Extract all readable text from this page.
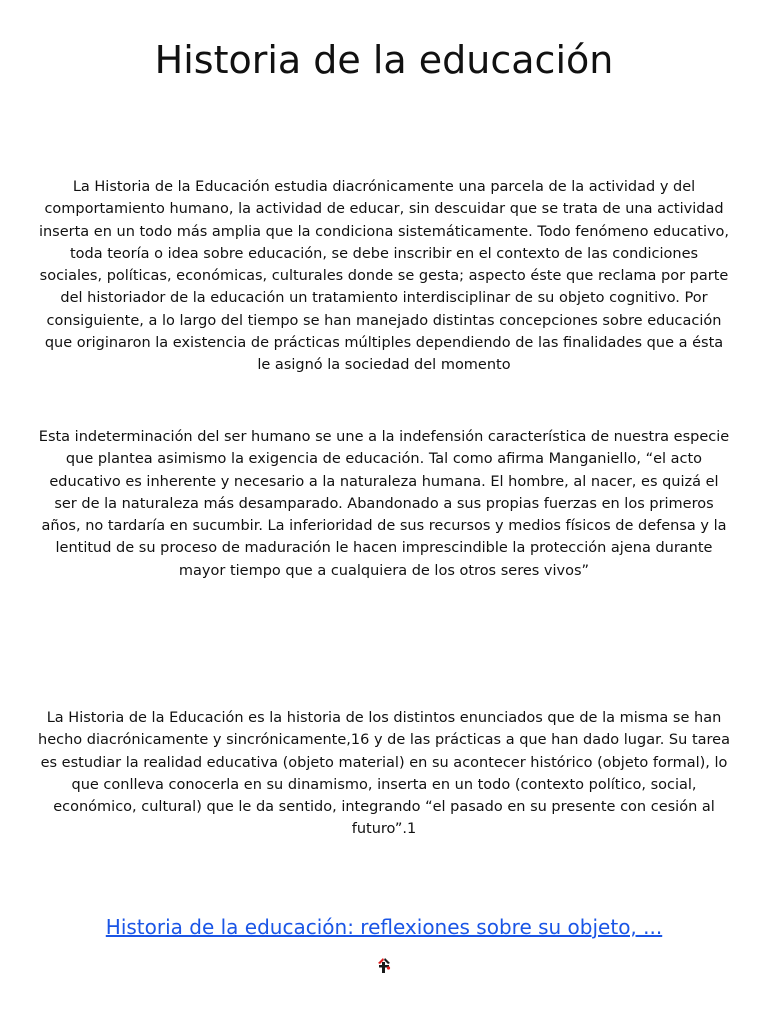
Historia de la educación

La Historia de la Educación estudia diacrónicamente una parcela de la actividad y del comportamiento humano, la actividad de educar, sin descuidar que se trata de una actividad inserta en un todo más amplia que la condiciona sistemáticamente. Todo fenómeno educativo, toda teoría o idea sobre educación, se debe inscribir en el contexto de las condiciones sociales, políticas, económicas, culturales donde se gesta; aspecto éste que reclama por parte del historiador de la educación un tratamiento interdisciplinar de su objeto cognitivo. Por consiguiente, a lo largo del tiempo se han manejado distintas concepciones sobre educación que originaron la existencia de prácticas múltiples dependiendo de las finalidades que a ésta le asignó la sociedad del momento

Esta indeterminación del ser humano se une a la indefensión característica de nuestra especie que plantea asimismo la exigencia de educación. Tal como afirma Manganiello, “el acto educativo es inherente y necesario a la naturaleza humana. El hombre, al nacer, es quizá el ser de la naturaleza más desamparado. Abandonado a sus propias fuerzas en los primeros años, no tardaría en sucumbir. La inferioridad de sus recursos y medios físicos de defensa y la lentitud de su proceso de maduración le hacen imprescindible la protección ajena durante mayor tiempo que a cualquiera de los otros seres vivos”

La Historia de la Educación es la historia de los distintos enunciados que de la misma se han hecho diacrónicamente y sincrónicamente,16 y de las prácticas a que han dado lugar. Su tarea es estudiar la realidad educativa (objeto material) en su acontecer histórico (objeto formal), lo que conlleva conocerla en su dinamismo, inserta en un todo (contexto político, social, económico, cultural) que le da sentido, integrando “el pasado en su presente con cesión al futuro”.1

Historia de la educación: reflexiones sobre su objeto, ...
